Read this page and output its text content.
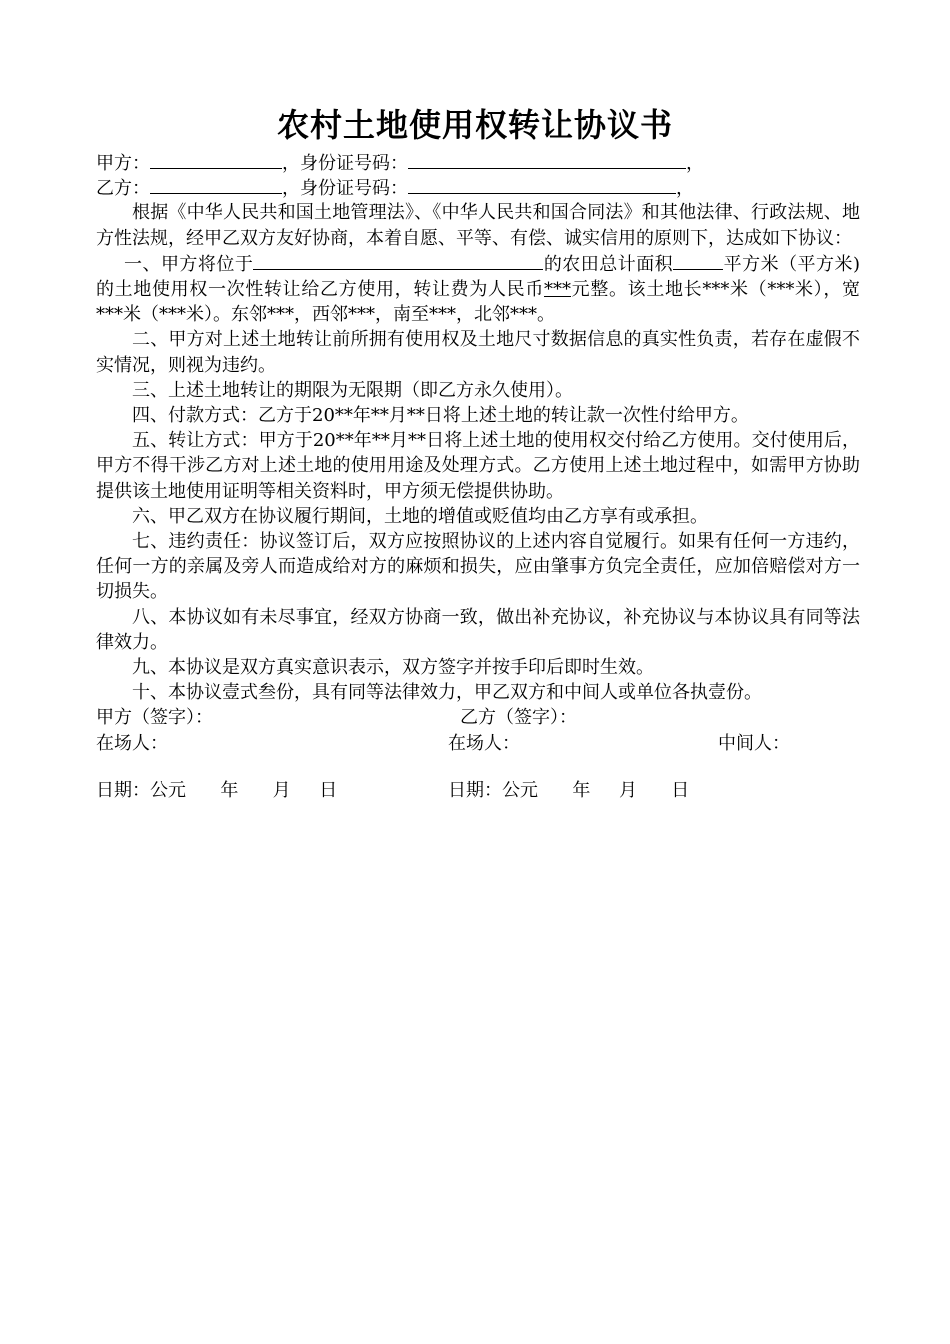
农村土地使用权转让协议书
甲方：	，身份证号码：	，
乙方：	，身份证号码：	，
根据《中华人民共和国土地管理法》、《中华人民共和国合同法》和其他法律、行政法规、地方性法规，经甲乙双方友好协商，本着自愿、平等、有偿、诚实信用的原则下，达成如下协议：
一、甲方将位于	的农田总计面积	平方米（平方米)的土地使用权一次性转让给乙方使用，转让费为人民币***元整。该土地长***米（***米），宽***米（***米）。东邻***，西邻***，南至***，北邻***。
二、甲方对上述土地转让前所拥有使用权及土地尺寸数据信息的真实性负责，若存在虚假不实情况，则视为违约。
三、上述土地转让的期限为无限期（即乙方永久使用）。
四、付款方式：乙方于20**年**月**日将上述土地的转让款一次性付给甲方。
五、转让方式：甲方于20**年**月**日将上述土地的使用权交付给乙方使用。交付使用后，甲方不得干涉乙方对上述土地的使用用途及处理方式。乙方使用上述土地过程中，如需甲方协助提供该土地使用证明等相关资料时，甲方须无偿提供协助。
六、甲乙双方在协议履行期间，土地的增值或贬值均由乙方享有或承担。
七、违约责任：协议签订后，双方应按照协议的上述内容自觉履行。如果有任何一方违约，任何一方的亲属及旁人而造成给对方的麻烦和损失，应由肇事方负完全责任，应加倍赔偿对方一切损失。
八、本协议如有未尽事宜，经双方协商一致，做出补充协议，补充协议与本协议具有同等法律效力。
九、本协议是双方真实意识表示，双方签字并按手印后即时生效。
十、本协议壹式叁份，具有同等法律效力，甲乙双方和中间人或单位各执壹份。
甲方（签字）：	乙方（签字）：
在场人：	在场人：	中间人：
日期：公元      年      月     日	日期：公元      年     月      日
